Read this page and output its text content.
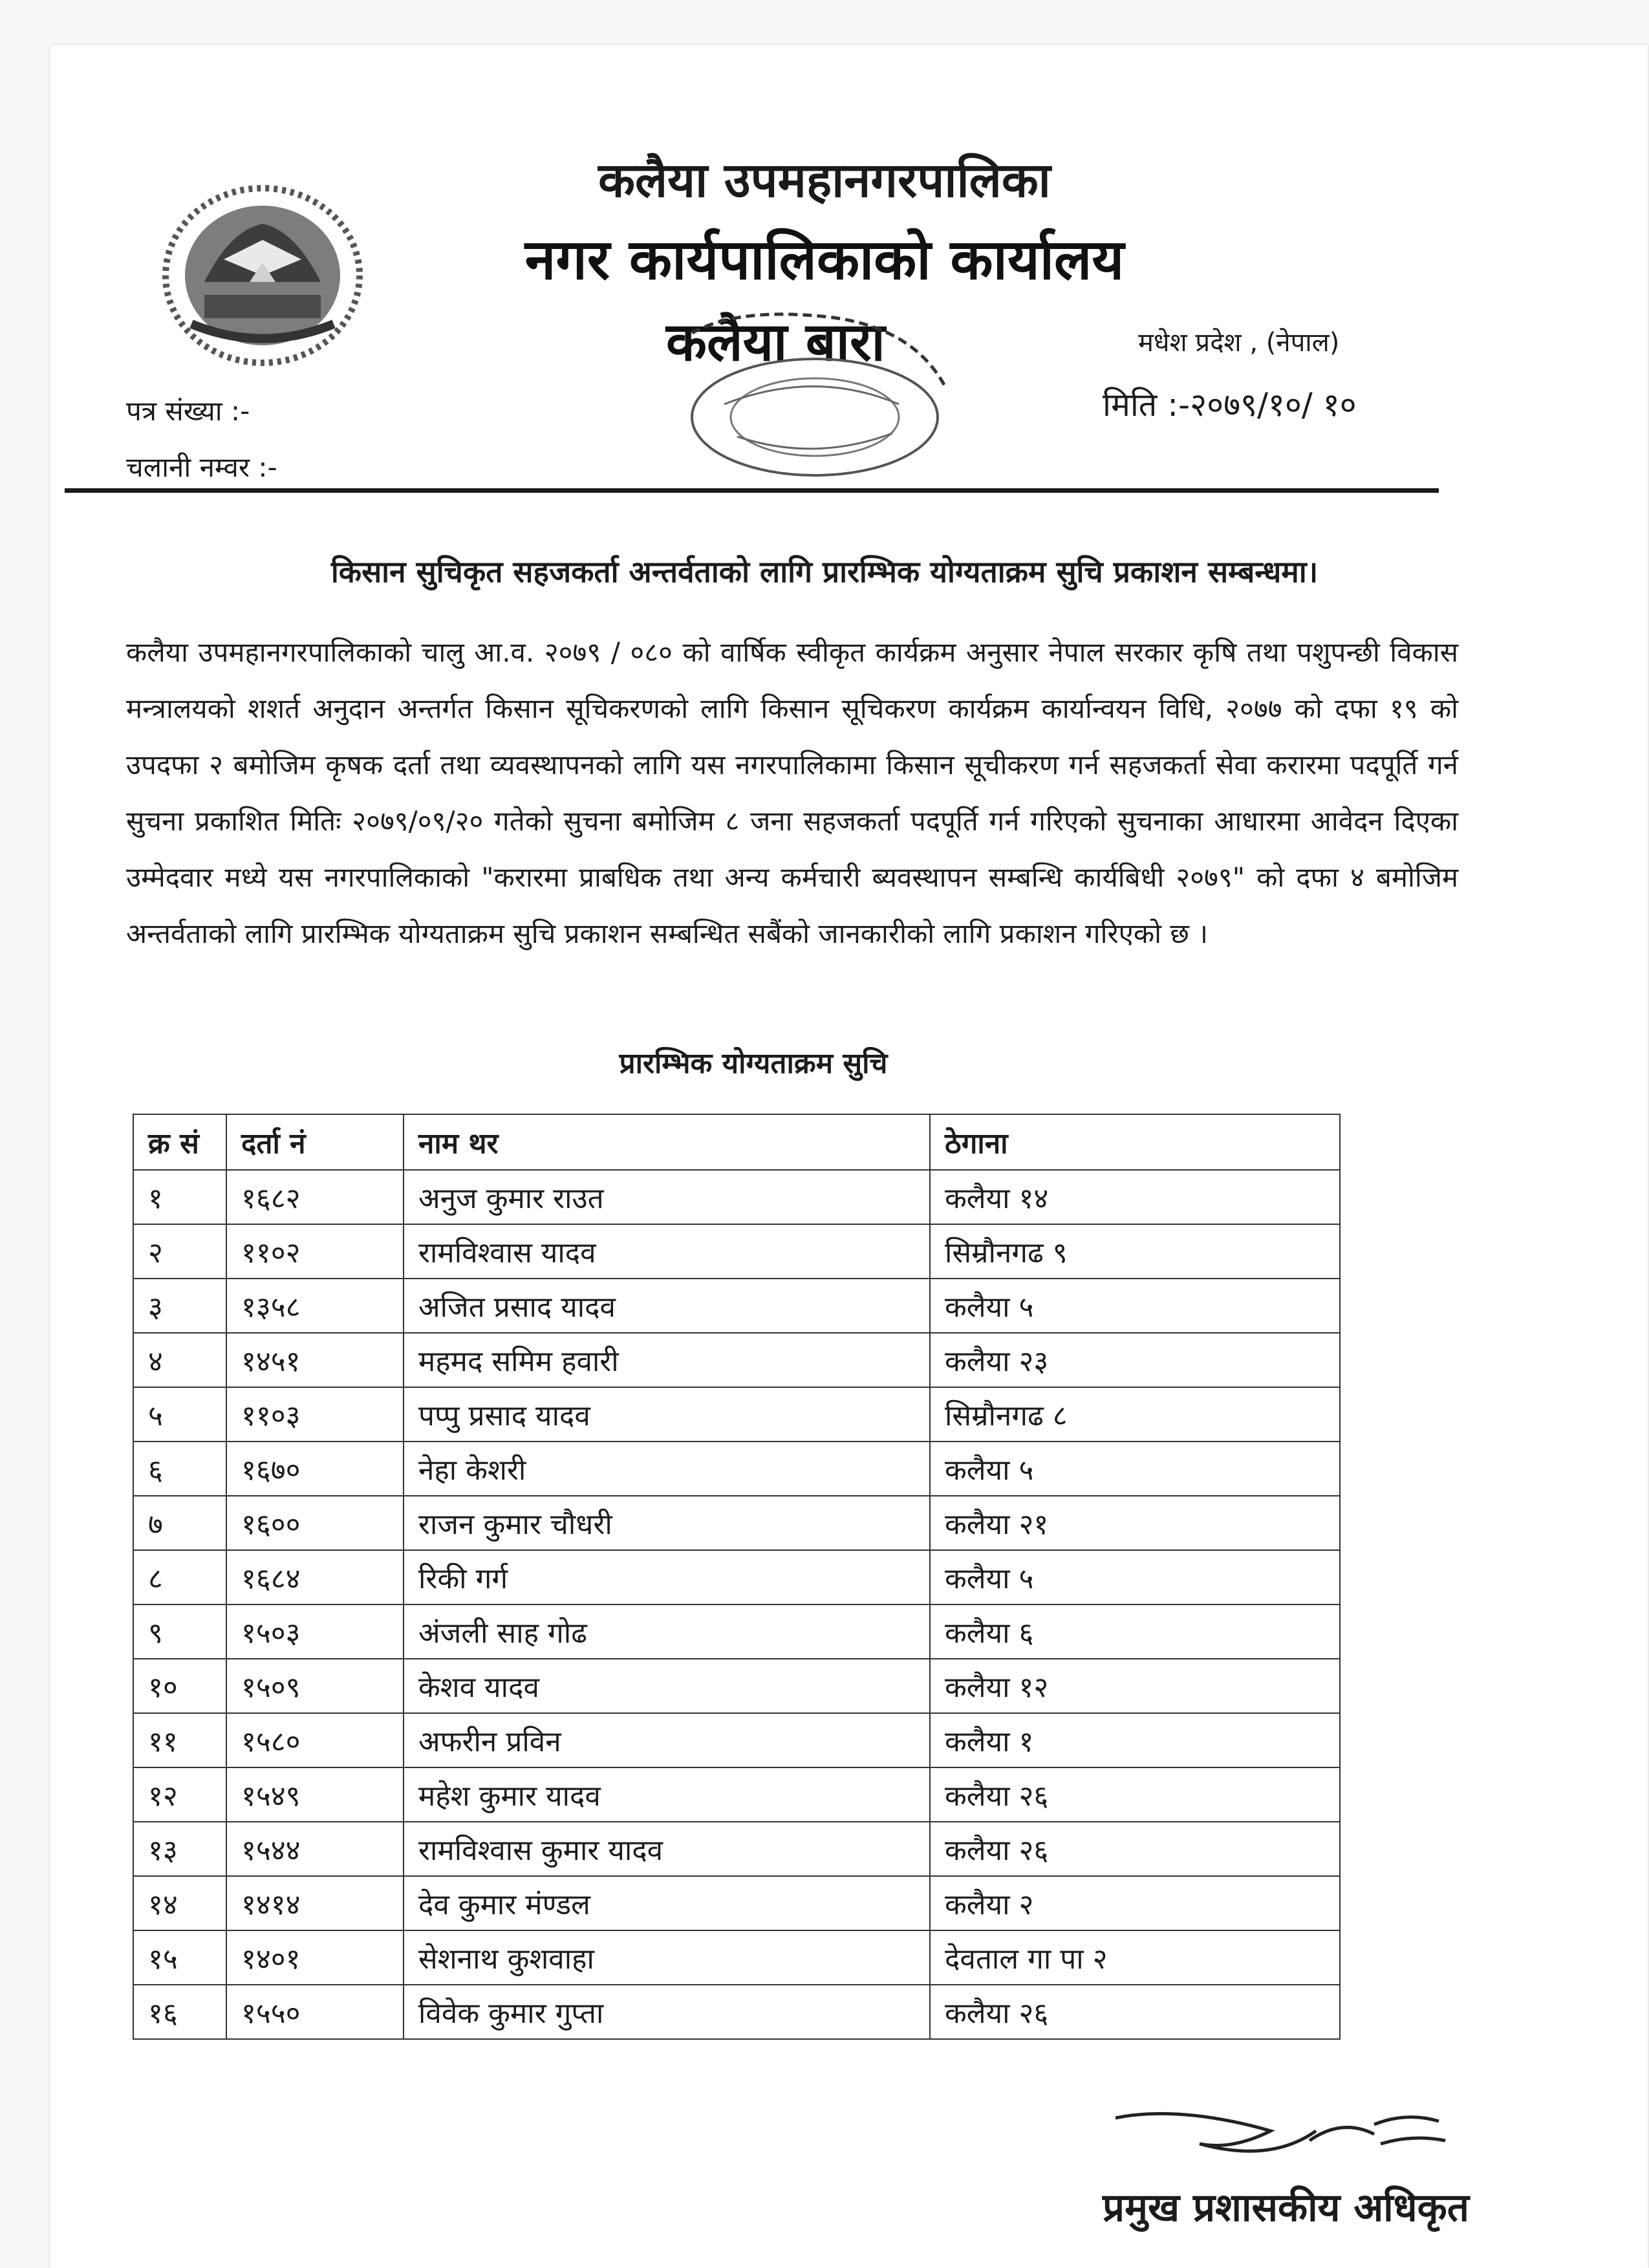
कलैया उपमहानगरपालिका
नगर कार्यपालिकाको कार्यालय
कलैया बारा	मधेश प्रदेश , (नेपाल)
पत्र संख्या :-
चलानी नम्वर :-
मिति :-२०७९/१०/ १०
किसान सुचिकृत सहजकर्ता अन्तर्वताको लागि प्रारम्भिक योग्यताक्रम सुचि प्रकाशन सम्बन्धमा।

कलैया उपमहानगरपालिकाको चालु आ.व. २०७९ / ०८० को वार्षिक स्वीकृत कार्यक्रम अनुसार नेपाल सरकार कृषि तथा पशुपन्छी विकास मन्त्रालयको शशर्त अनुदान अन्तर्गत किसान सूचिकरणको लागि किसान सूचिकरण कार्यक्रम कार्यान्वयन विधि, २०७७ को दफा १९ को उपदफा २ बमोजिम कृषक दर्ता तथा व्यवस्थापनको लागि यस नगरपालिकामा किसान सूचीकरण गर्न सहजकर्ता सेवा करारमा पदपूर्ति गर्न सुचना प्रकाशित मितिः २०७९/०९/२० गतेको सुचना बमोजिम ८ जना सहजकर्ता पदपूर्ति गर्न गरिएको सुचनाका आधारमा आवेदन दिएका उम्मेदवार मध्ये यस नगरपालिकाको "करारमा प्राबधिक तथा अन्य कर्मचारी ब्यवस्थापन सम्बन्धि कार्यबिधी २०७९" को दफा ४ बमोजिम अन्तर्वताको लागि प्रारम्भिक योग्यताक्रम सुचि प्रकाशन सम्बन्धित सबैंको जानकारीको लागि प्रकाशन गरिएको छ ।

प्रारम्भिक योग्यताक्रम सुचि
क्र सं	दर्ता नं	नाम थर	ठेगाना
१	१६८२	अनुज कुमार राउत	कलैया १४
२	११०२	रामविश्वास यादव	सिम्रौनगढ ९
३	१३५८	अजित प्रसाद यादव	कलैया ५
४	१४५१	महमद समिम हवारी	कलैया २३
५	११०३	पप्पु प्रसाद यादव	सिम्रौनगढ ८
६	१६७०	नेहा केशरी	कलैया ५
७	१६००	राजन कुमार चौधरी	कलैया २१
८	१६८४	रिकी गर्ग	कलैया ५
९	१५०३	अंजली साह गोढ	कलैया ६
१०	१५०९	केशव यादव	कलैया १२
११	१५८०	अफरीन प्रविन	कलैया १
१२	१५४९	महेश कुमार यादव	कलैया २६
१३	१५४४	रामविश्वास कुमार यादव	कलैया २६
१४	१४१४	देव कुमार मंण्डल	कलैया २
१५	१४०१	सेशनाथ कुशवाहा	देवताल गा पा २
१६	१५५०	विवेक कुमार गुप्ता	कलैया २६
प्रमुख प्रशासकीय अधिकृत
